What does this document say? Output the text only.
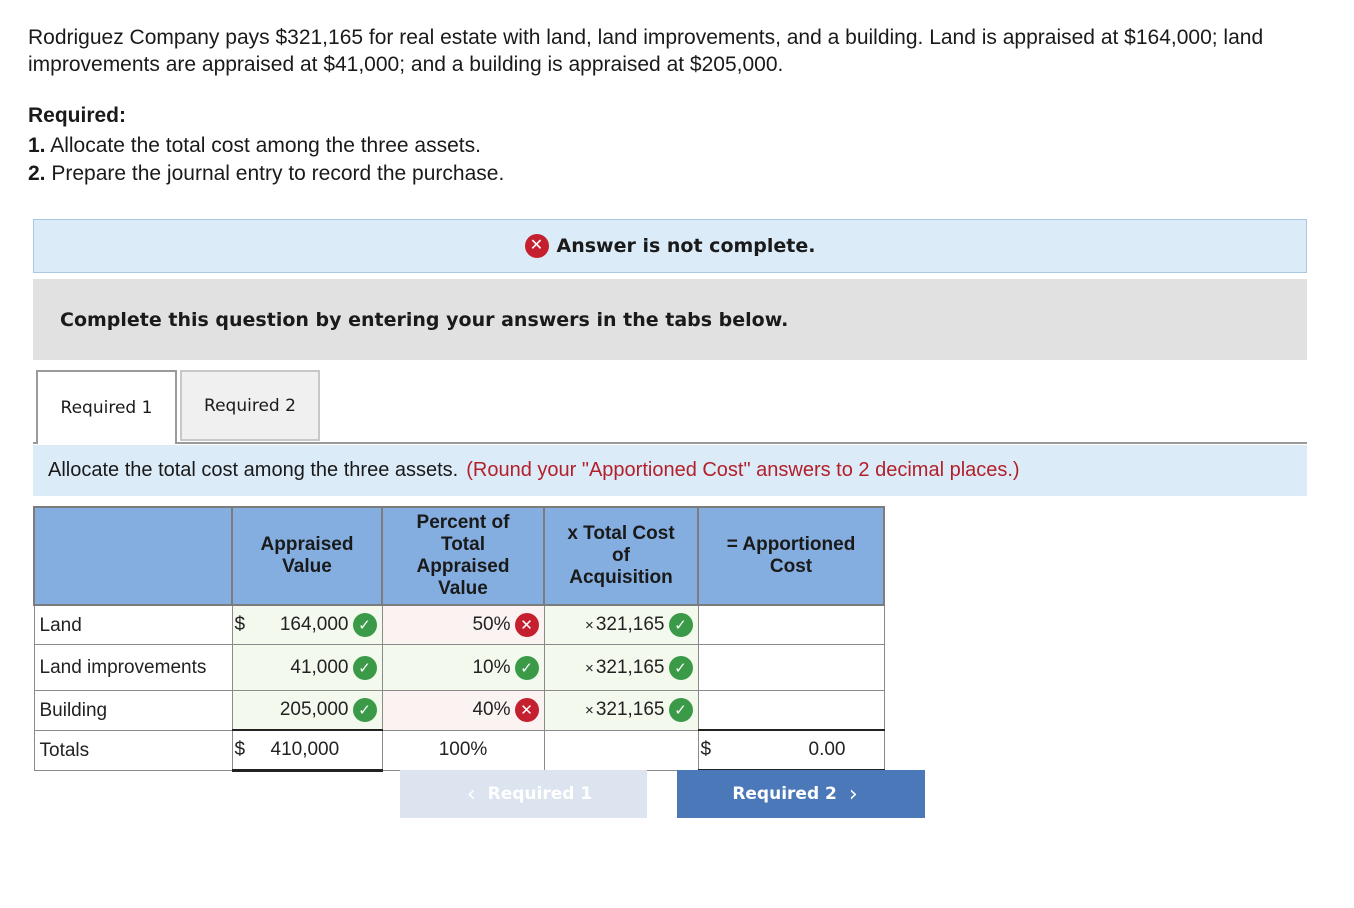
Rodriguez Company pays $321,165 for real estate with land, land improvements, and a building. Land is appraised at $164,000; land improvements are appraised at $41,000; and a building is appraised at $205,000.
Required:
1. Allocate the total cost among the three assets.
2. Prepare the journal entry to record the purchase.
✕ Answer is not complete.
Complete this question by entering your answers in the tabs below.
Required 1	Required 2
Allocate the total cost among the three assets. (Round your "Apportioned Cost" answers to 2 decimal places.)

	Appraised Value	Percent of Total Appraised Value	x Total Cost of Acquisition	= Apportioned Cost

Land	$ 164,000 ✓	50% ✕	× 321,165 ✓	

Land improvements	41,000 ✓	10% ✓	× 321,165 ✓	

Building	205,000 ✓	40% ✕	× 321,165 ✓	

Totals	$ 410,000	100%		$ 0.00
‹ Required 1	Required 2 ›
